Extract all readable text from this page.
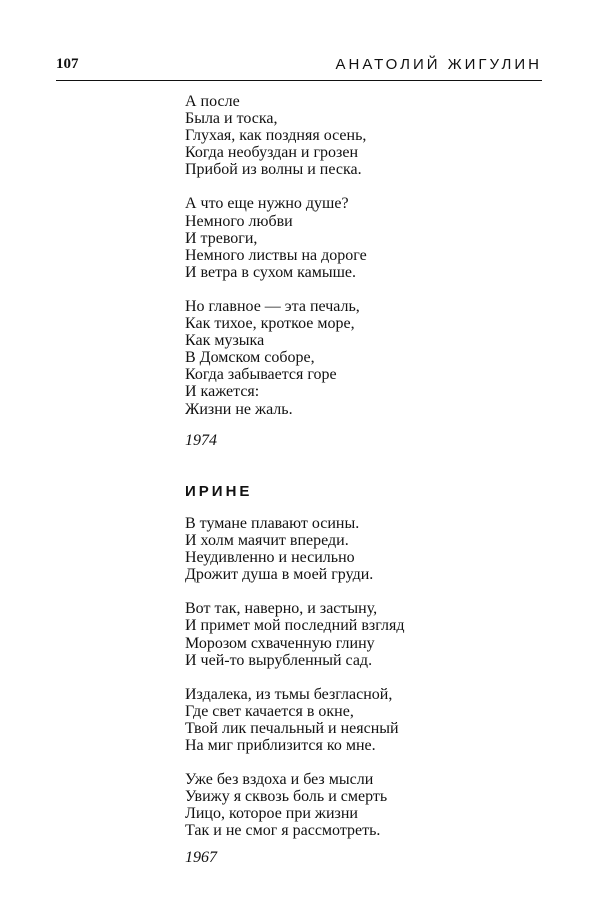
107	АНАТОЛИЙ ЖИГУЛИН
А после
Была и тоска,
Глухая, как поздняя осень,
Когда необуздан и грозен
Прибой из волны и песка.
А что еще нужно душе?
Немного любви
И тревоги,
Немного листвы на дороге
И ветра в сухом камыше.
Но главное — эта печаль,
Как тихое, кроткое море,
Как музыка
В Домском соборе,
Когда забывается горе
И кажется:
Жизни не жаль.
1974
ИРИНЕ
В тумане плавают осины.
И холм маячит впереди.
Неудивленно и несильно
Дрожит душа в моей груди.
Вот так, наверно, и застыну,
И примет мой последний взгляд
Морозом схваченную глину
И чей-то вырубленный сад.
Издалека, из тьмы безгласной,
Где свет качается в окне,
Твой лик печальный и неясный
На миг приблизится ко мне.
Уже без вздоха и без мысли
Увижу я сквозь боль и смерть
Лицо, которое при жизни
Так и не смог я рассмотреть.
1967
